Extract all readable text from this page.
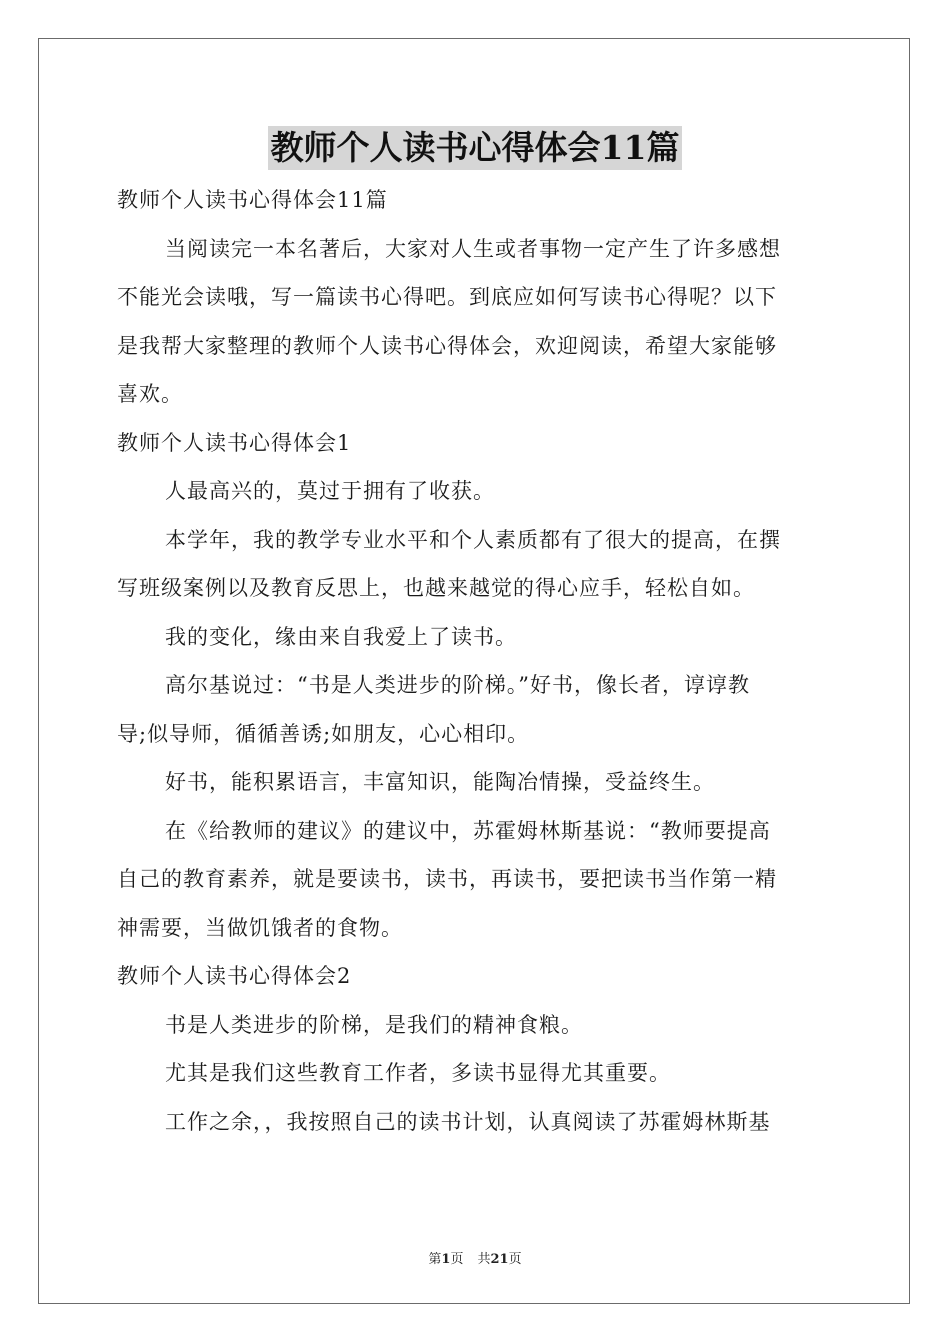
教师个人读书心得体会11篇
教师个人读书心得体会11篇
当阅读完一本名著后，大家对人生或者事物一定产生了许多感想
不能光会读哦，写一篇读书心得吧。到底应如何写读书心得呢？以下
是我帮大家整理的教师个人读书心得体会，欢迎阅读，希望大家能够
喜欢。
教师个人读书心得体会1
人最高兴的，莫过于拥有了收获。
本学年，我的教学专业水平和个人素质都有了很大的提高，在撰
写班级案例以及教育反思上，也越来越觉的得心应手，轻松自如。
我的变化，缘由来自我爱上了读书。
高尔基说过：“书是人类进步的阶梯。”好书，像长者，谆谆教
导;似导师，循循善诱;如朋友，心心相印。
好书，能积累语言，丰富知识，能陶冶情操，受益终生。
在《给教师的建议》的建议中，苏霍姆林斯基说：“教师要提高
自己的教育素养，就是要读书，读书，再读书，要把读书当作第一精
神需要，当做饥饿者的食物。
教师个人读书心得体会2
书是人类进步的阶梯，是我们的精神食粮。
尤其是我们这些教育工作者，多读书显得尤其重要。
工作之余，，我按照自己的读书计划，认真阅读了苏霍姆林斯基
第1页 共21页
